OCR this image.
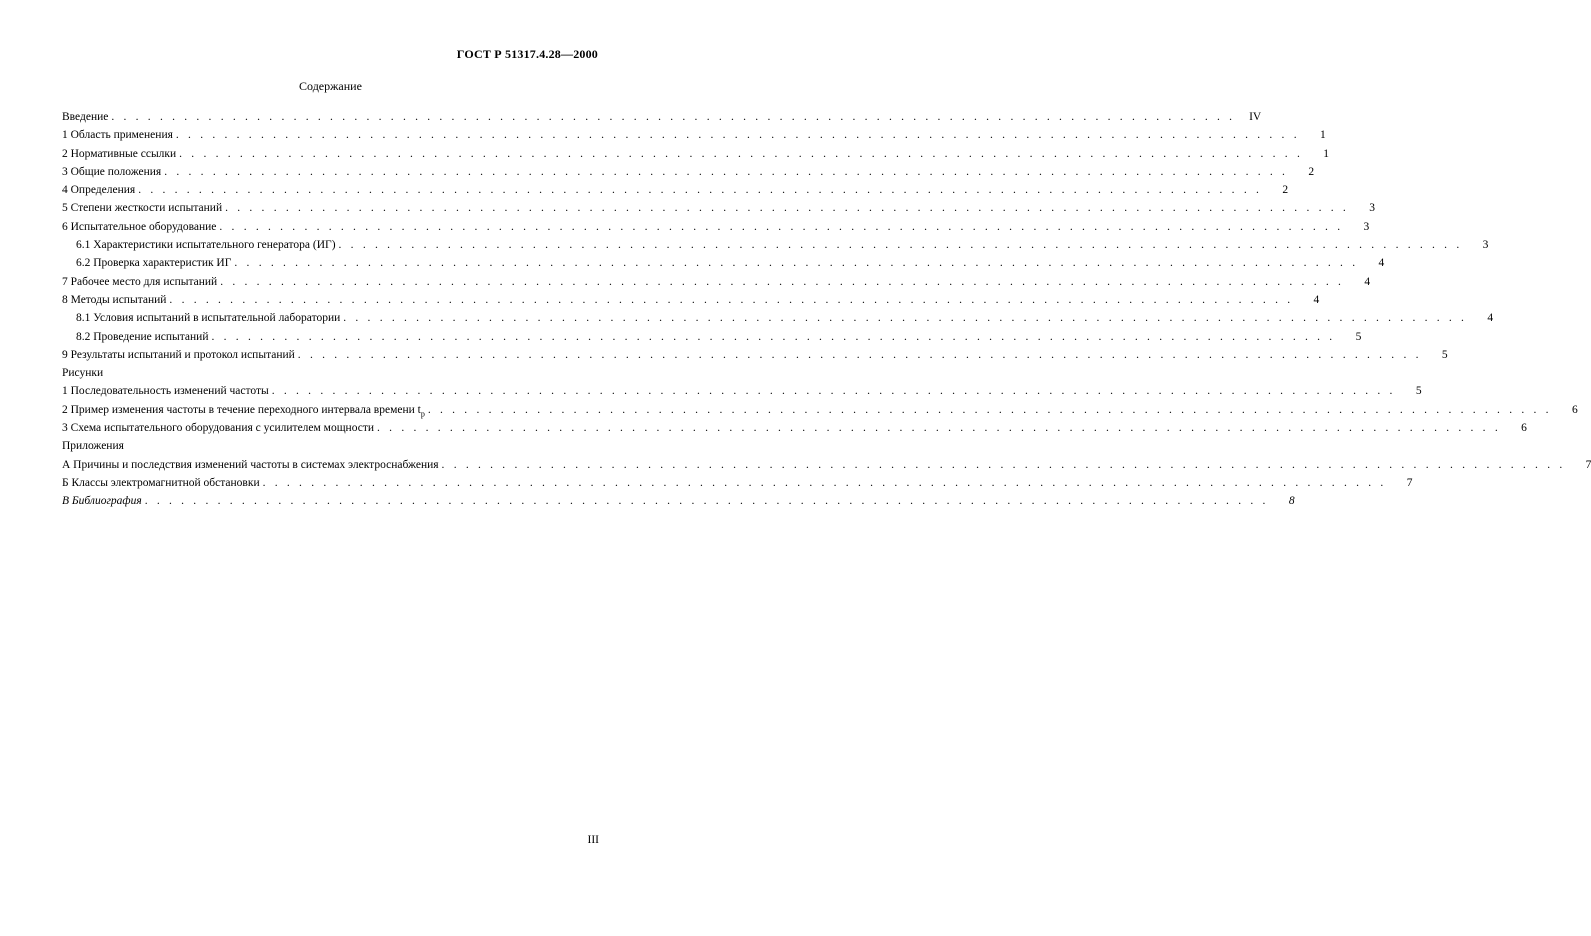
ГОСТ Р 51317.4.28—2000
Содержание
Введение . . . . . . . . . . . . . . . . . . . . . . . . . . . . . . . . . . . . . . . . . . . . . . . . . . . . . . . . . . . . . . . . . . . . . . . . . . . . . . . . . . . . . . . . . . . . .	IV
1 Область применения . . . . . . . . . . . . . . . . . . . . . . . . . . . . . . . . . . . . . . . . . . . . . . . . . . . . . . . . . . . . . . . . . . . . . . . . . . . . . . . . . . . . . . . . . . . . .	1
2 Нормативные ссылки . . . . . . . . . . . . . . . . . . . . . . . . . . . . . . . . . . . . . . . . . . . . . . . . . . . . . . . . . . . . . . . . . . . . . . . . . . . . . . . . . . . . . . . . . . . . .	1
3 Общие положения . . . . . . . . . . . . . . . . . . . . . . . . . . . . . . . . . . . . . . . . . . . . . . . . . . . . . . . . . . . . . . . . . . . . . . . . . . . . . . . . . . . . . . . . . . . . .	2
4 Определения . . . . . . . . . . . . . . . . . . . . . . . . . . . . . . . . . . . . . . . . . . . . . . . . . . . . . . . . . . . . . . . . . . . . . . . . . . . . . . . . . . . . . . . . . . . . .	2
5 Степени жесткости испытаний . . . . . . . . . . . . . . . . . . . . . . . . . . . . . . . . . . . . . . . . . . . . . . . . . . . . . . . . . . . . . . . . . . . . . . . . . . . . . . . . . . . . . . . . . . . . .	3
6 Испытательное оборудование . . . . . . . . . . . . . . . . . . . . . . . . . . . . . . . . . . . . . . . . . . . . . . . . . . . . . . . . . . . . . . . . . . . . . . . . . . . . . . . . . . . . . . . . . . . . .	3
6.1 Характеристики испытательного генератора (ИГ) . . . . . . . . . . . . . . . . . . . . . . . . . . . . . . . . . . . . . . . . . . . . . . . . . . . . . . . . . . . . . . . . . . . . . . . . . . . . . . . . . . . . . . . . . . . . .	3
6.2 Проверка характеристик ИГ . . . . . . . . . . . . . . . . . . . . . . . . . . . . . . . . . . . . . . . . . . . . . . . . . . . . . . . . . . . . . . . . . . . . . . . . . . . . . . . . . . . . . . . . . . . . .	4
7 Рабочее место для испытаний . . . . . . . . . . . . . . . . . . . . . . . . . . . . . . . . . . . . . . . . . . . . . . . . . . . . . . . . . . . . . . . . . . . . . . . . . . . . . . . . . . . . . . . . . . . . .	4
8 Методы испытаний . . . . . . . . . . . . . . . . . . . . . . . . . . . . . . . . . . . . . . . . . . . . . . . . . . . . . . . . . . . . . . . . . . . . . . . . . . . . . . . . . . . . . . . . . . . . .	4
8.1 Условия испытаний в испытательной лаборатории . . . . . . . . . . . . . . . . . . . . . . . . . . . . . . . . . . . . . . . . . . . . . . . . . . . . . . . . . . . . . . . . . . . . . . . . . . . . . . . . . . . . . . . . . . . . .	4
8.2 Проведение испытаний . . . . . . . . . . . . . . . . . . . . . . . . . . . . . . . . . . . . . . . . . . . . . . . . . . . . . . . . . . . . . . . . . . . . . . . . . . . . . . . . . . . . . . . . . . . . .	5
9 Результаты испытаний и протокол испытаний . . . . . . . . . . . . . . . . . . . . . . . . . . . . . . . . . . . . . . . . . . . . . . . . . . . . . . . . . . . . . . . . . . . . . . . . . . . . . . . . . . . . . . . . . . . . .	5
Рисунки
1 Последовательность изменений частоты . . . . . . . . . . . . . . . . . . . . . . . . . . . . . . . . . . . . . . . . . . . . . . . . . . . . . . . . . . . . . . . . . . . . . . . . . . . . . . . . . . . . . . . . . . . . .	5
2 Пример изменения частоты в течение переходного интервала времени $t_p$ . . . . . . . . . . . . . . . . . . . . . . . . . . . . . . . . . . . . . . . . . . . . . . . . . . . . . . . . . . . . . . . . . . . . . . . . . . . . . . . . . . . . . . . . . . . . .	6
3 Схема испытательного оборудования с усилителем мощности . . . . . . . . . . . . . . . . . . . . . . . . . . . . . . . . . . . . . . . . . . . . . . . . . . . . . . . . . . . . . . . . . . . . . . . . . . . . . . . . . . . . . . . . . . . . .	6
Приложения
А Причины и последствия изменений частоты в системах электроснабжения . . . . . . . . . . . . . . . . . . . . . . . . . . . . . . . . . . . . . . . . . . . . . . . . . . . . . . . . . . . . . . . . . . . . . . . . . . . . . . . . . . . . . . . . . . . . .	7
Б Классы электромагнитной обстановки . . . . . . . . . . . . . . . . . . . . . . . . . . . . . . . . . . . . . . . . . . . . . . . . . . . . . . . . . . . . . . . . . . . . . . . . . . . . . . . . . . . . . . . . . . . . .	7
В Библиография . . . . . . . . . . . . . . . . . . . . . . . . . . . . . . . . . . . . . . . . . . . . . . . . . . . . . . . . . . . . . . . . . . . . . . . . . . . . . . . . . . . . . . . . . . . . .	8
III
